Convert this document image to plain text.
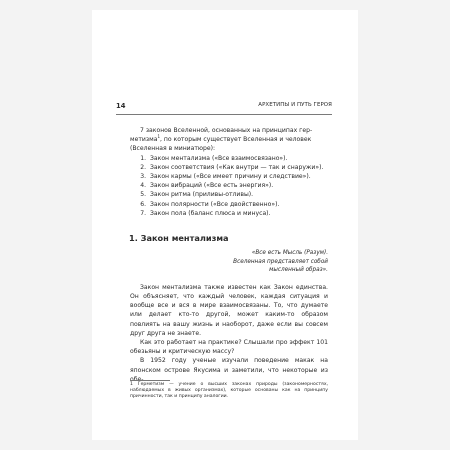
14	АРХЕТИПЫ И ПУТЬ ГЕРОЯ

7 законов Вселенной, основанных на принципах гер-
метизма$^1$, по которым существует Вселенная и человек
(Вселенная в миниатюре):

1. Закон ментализма («Все взаимосвязано»).
2. Закон соответствия («Как внутри — так и снаружи»).
3. Закон кармы («Все имеет причину и следствие»).
4. Закон вибраций («Все есть энергия»).
5. Закон ритма (приливы-отливы).
6. Закон полярности («Все двойственно»).
7. Закон пола (баланс плюса и минуса).
1. Закон ментализма
«Все есть Мысль (Разум).
Вселенная представляет собой
мысленный образ».

Закон ментализма также известен как Закон единства. Он объясняет, что каждый человек, каждая ситуация и вообще все и вся в мире взаимосвязаны. То, что думаете или делает кто-то другой, может каким-то образом повлиять на вашу жизнь и наоборот, даже если вы совсем друг друга не знаете.

Как это работает на практике? Слышали про эффект 101 обезьяны и критическую массу?

В 1952 году ученые изучали поведение макак на японском острове Якусима и заметили, что некоторые из обе-

1 Герметизм — учение о высших законах природы (закономерностях, наблюдаемых в живых организмах), которые основаны как на принципу причинности, так и принципу аналогии.
